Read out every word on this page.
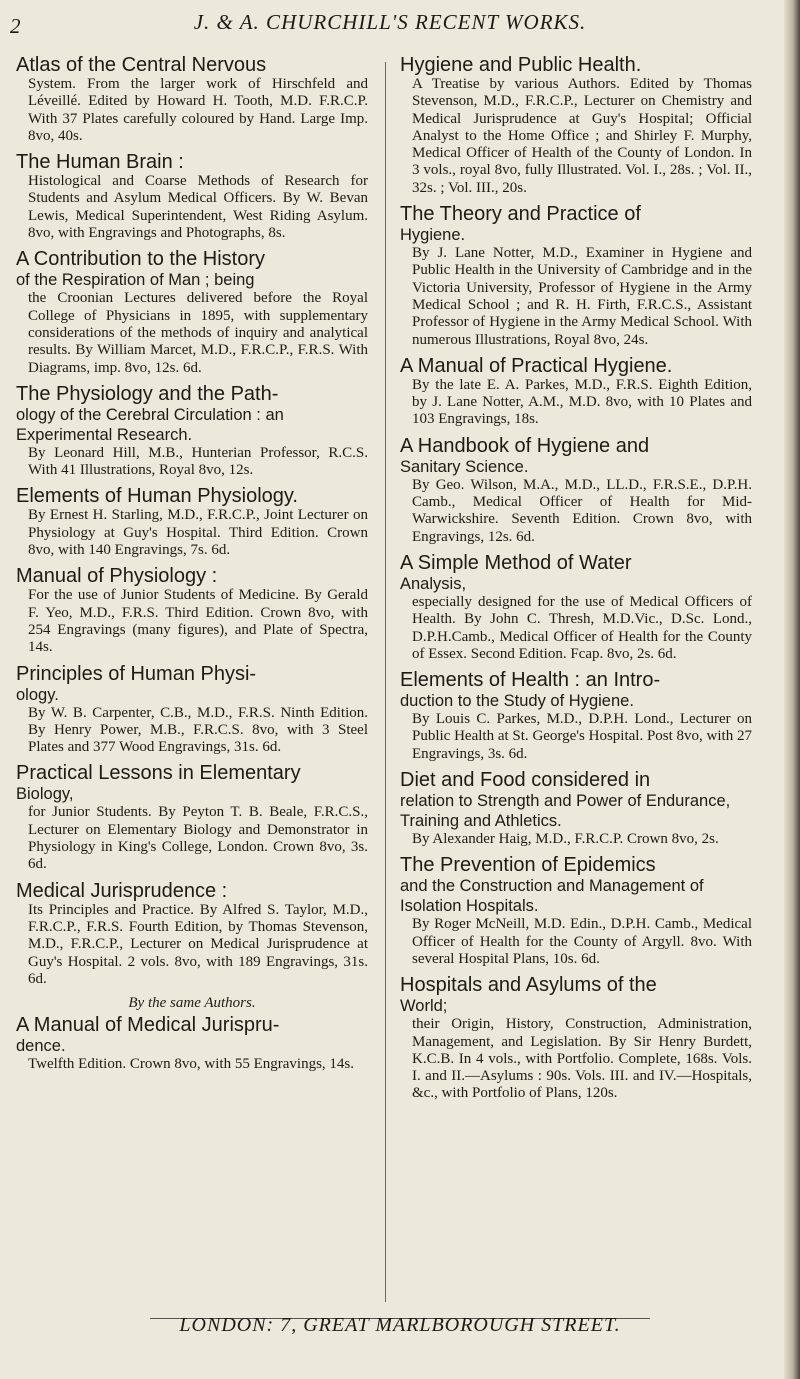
2	J. & A. CHURCHILL'S RECENT WORKS.
Atlas of the Central Nervous
System. From the larger work of Hirschfeld and Léveillé. Edited by Howard H. Tooth, M.D. F.R.C.P. With 37 Plates carefully coloured by Hand. Large Imp. 8vo, 40s.
The Human Brain :
Histological and Coarse Methods of Research for Students and Asylum Medical Officers. By W. Bevan Lewis, Medical Superintendent, West Riding Asylum. 8vo, with Engravings and Photographs, 8s.
A Contribution to the History
of the Respiration of Man ; being
the Croonian Lectures delivered before the Royal College of Physicians in 1895, with supplementary considerations of the methods of inquiry and analytical results. By William Marcet, M.D., F.R.C.P., F.R.S. With Diagrams, imp. 8vo, 12s. 6d.
The Physiology and the Path-
ology of the Cerebral Circulation : an Experimental Research.
By Leonard Hill, M.B., Hunterian Professor, R.C.S. With 41 Illustrations, Royal 8vo, 12s.
Elements of Human Physiology.
By Ernest H. Starling, M.D., F.R.C.P., Joint Lecturer on Physiology at Guy's Hospital. Third Edition. Crown 8vo, with 140 Engravings, 7s. 6d.
Manual of Physiology :
For the use of Junior Students of Medicine. By Gerald F. Yeo, M.D., F.R.S. Third Edition. Crown 8vo, with 254 Engravings (many figures), and Plate of Spectra, 14s.
Principles of Human Physi-
ology.
By W. B. Carpenter, C.B., M.D., F.R.S. Ninth Edition. By Henry Power, M.B., F.R.C.S. 8vo, with 3 Steel Plates and 377 Wood Engravings, 31s. 6d.
Practical Lessons in Elementary
Biology,
for Junior Students. By Peyton T. B. Beale, F.R.C.S., Lecturer on Elementary Biology and Demonstrator in Physiology in King's College, London. Crown 8vo, 3s. 6d.
Medical Jurisprudence :
Its Principles and Practice. By Alfred S. Taylor, M.D., F.R.C.P., F.R.S. Fourth Edition, by Thomas Stevenson, M.D., F.R.C.P., Lecturer on Medical Jurisprudence at Guy's Hospital. 2 vols. 8vo, with 189 Engravings, 31s. 6d.
By the same Authors.
A Manual of Medical Jurispru-
dence.
Twelfth Edition. Crown 8vo, with 55 Engravings, 14s.
Hygiene and Public Health.
A Treatise by various Authors. Edited by Thomas Stevenson, M.D., F.R.C.P., Lecturer on Chemistry and Medical Jurisprudence at Guy's Hospital; Official Analyst to the Home Office ; and Shirley F. Murphy, Medical Officer of Health of the County of London. In 3 vols., royal 8vo, fully Illustrated. Vol. I., 28s. ; Vol. II., 32s. ; Vol. III., 20s.
The Theory and Practice of
Hygiene.
By J. Lane Notter, M.D., Examiner in Hygiene and Public Health in the University of Cambridge and in the Victoria University, Professor of Hygiene in the Army Medical School ; and R. H. Firth, F.R.C.S., Assistant Professor of Hygiene in the Army Medical School. With numerous Illustrations, Royal 8vo, 24s.
A Manual of Practical Hygiene.
By the late E. A. Parkes, M.D., F.R.S. Eighth Edition, by J. Lane Notter, A.M., M.D. 8vo, with 10 Plates and 103 Engravings, 18s.
A Handbook of Hygiene and
Sanitary Science.
By Geo. Wilson, M.A., M.D., LL.D., F.R.S.E., D.P.H. Camb., Medical Officer of Health for Mid-Warwickshire. Seventh Edition. Crown 8vo, with Engravings, 12s. 6d.
A Simple Method of Water
Analysis,
especially designed for the use of Medical Officers of Health. By John C. Thresh, M.D.Vic., D.Sc. Lond., D.P.H.Camb., Medical Officer of Health for the County of Essex. Second Edition. Fcap. 8vo, 2s. 6d.
Elements of Health : an Intro-
duction to the Study of Hygiene.
By Louis C. Parkes, M.D., D.P.H. Lond., Lecturer on Public Health at St. George's Hospital. Post 8vo, with 27 Engravings, 3s. 6d.
Diet and Food considered in
relation to Strength and Power of Endurance, Training and Athletics.
By Alexander Haig, M.D., F.R.C.P. Crown 8vo, 2s.
The Prevention of Epidemics
and the Construction and Management of Isolation Hospitals.
By Roger McNeill, M.D. Edin., D.P.H. Camb., Medical Officer of Health for the County of Argyll. 8vo. With several Hospital Plans, 10s. 6d.
Hospitals and Asylums of the
World;
their Origin, History, Construction, Administration, Management, and Legislation. By Sir Henry Burdett, K.C.B. In 4 vols., with Portfolio. Complete, 168s. Vols. I. and II.—Asylums : 90s. Vols. III. and IV.—Hospitals, &c., with Portfolio of Plans, 120s.
LONDON: 7, GREAT MARLBOROUGH STREET.
